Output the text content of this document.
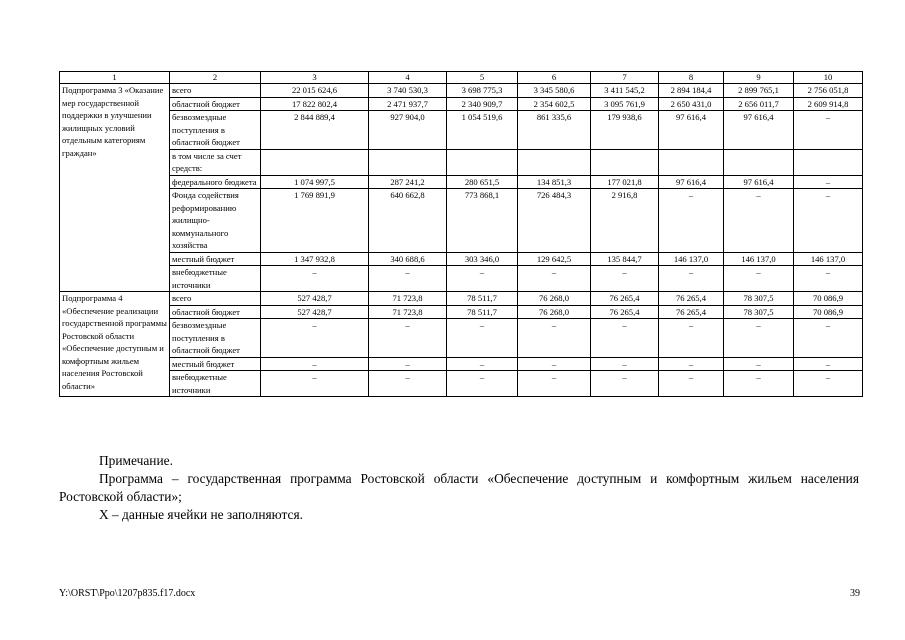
1	2	3	4	5	6	7	8	9	10
Подпрограмма 3 «Оказание мер государственной поддержки в улучшении жилищных условий отдельным категориям граждан»	всего	22 015 624,6	3 740 530,3	3 698 775,3	3 345 580,6	3 411 545,2	2 894 184,4	2 899 765,1	2 756 051,8
	областной бюджет	17 822 802,4	2 471 937,7	2 340 909,7	2 354 602,5	3 095 761,9	2 650 431,0	2 656 011,7	2 609 914,8
	безвозмездные поступления в областной бюджет	2 844 889,4	927 904,0	1 054 519,6	861 335,6	179 938,6	97 616,4	97 616,4	–
	в том числе за счет средств:								
	федерального бюджета	1 074 997,5	287 241,2	280 651,5	134 851,3	177 021,8	97 616,4	97 616,4	–
	Фонда содействия реформированию жилищно-коммунального хозяйства	1 769 891,9	640 662,8	773 868,1	726 484,3	2 916,8	–	–	–
	местный бюджет	1 347 932,8	340 688,6	303 346,0	129 642,5	135 844,7	146 137,0	146 137,0	146 137,0
	внебюджетные источники	–	–	–	–	–	–	–	–
Подпрограмма 4 «Обеспечение реализации государственной программы Ростовской области «Обеспечение доступным и комфортным жильем населения Ростовской области»	всего	527 428,7	71 723,8	78 511,7	76 268,0	76 265,4	76 265,4	78 307,5	70 086,9
	областной бюджет	527 428,7	71 723,8	78 511,7	76 268,0	76 265,4	76 265,4	78 307,5	70 086,9
	безвозмездные поступления в областной бюджет	–	–	–	–	–	–	–	–
	местный бюджет	–	–	–	–	–	–	–	–
	внебюджетные источники	–	–	–	–	–	–	–	–
Примечание.
Программа – государственная программа Ростовской области «Обеспечение доступным и комфортным жильем населения Ростовской области»;
Х – данные ячейки не заполняются.
Y:\ORST\Ppo\1207p835.f17.docx	39
